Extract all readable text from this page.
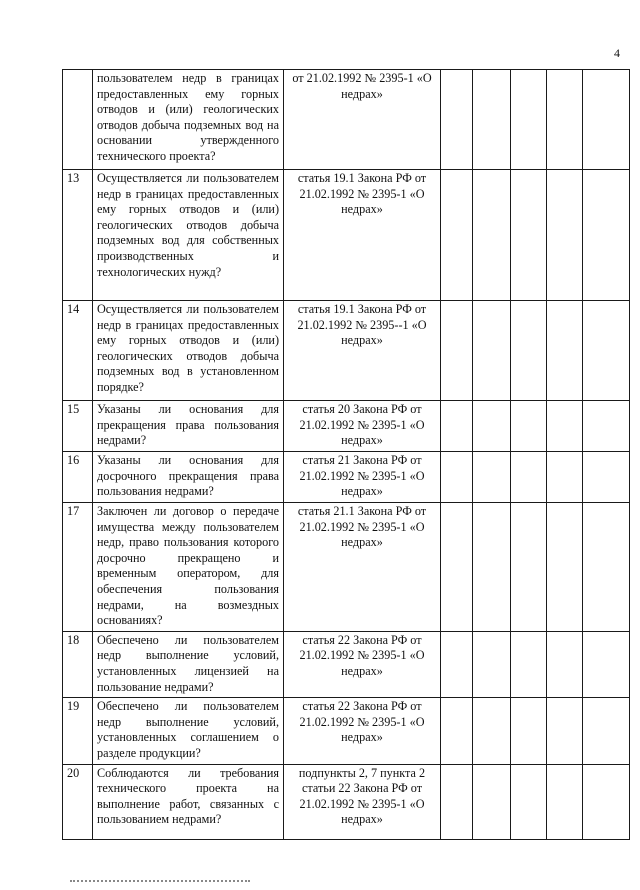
4
	пользователем недр в границах предоставленных ему горных отводов и (или) геологических отводов добыча подземных вод на основании утвержденного технического проекта?	от 21.02.1992 № 2395-1 «О недрах»					
13	Осуществляется ли пользователем недр в границах предоставленных ему горных отводов и (или) геологических отводов добыча подземных вод для собственных производственных и технологических нужд?	статья 19.1 Закона РФ от 21.02.1992 № 2395-1 «О недрах»					
14	Осуществляется ли пользователем недр в границах предоставленных ему горных отводов и (или) геологических отводов добыча подземных вод в установленном порядке?	статья 19.1 Закона РФ от 21.02.1992 № 2395--1 «О недрах»					
15	Указаны ли основания для прекращения права пользования недрами?	статья 20 Закона РФ от 21.02.1992 № 2395-1 «О недрах»					
16	Указаны ли основания для досрочного прекращения права пользования недрами?	статья 21 Закона РФ от 21.02.1992 № 2395-1 «О недрах»					
17	Заключен ли договор о передаче имущества между пользователем недр, право пользования которого досрочно прекращено и временным оператором, для обеспечения пользования недрами, на возмездных основаниях?	статья 21.1 Закона РФ от 21.02.1992 № 2395-1 «О недрах»					
18	Обеспечено ли пользователем недр выполнение условий, установленных лицензией на пользование недрами?	статья 22 Закона РФ от 21.02.1992 № 2395-1 «О недрах»					
19	Обеспечено ли пользователем недр выполнение условий, установленных соглашением о разделе продукции?	статья 22 Закона РФ от 21.02.1992 № 2395-1 «О недрах»					
20	Соблюдаются ли требования технического проекта на выполнение работ, связанных с пользованием недрами?	подпункты 2, 7 пункта 2 статьи 22 Закона РФ от 21.02.1992 № 2395-1 «О недрах»					
